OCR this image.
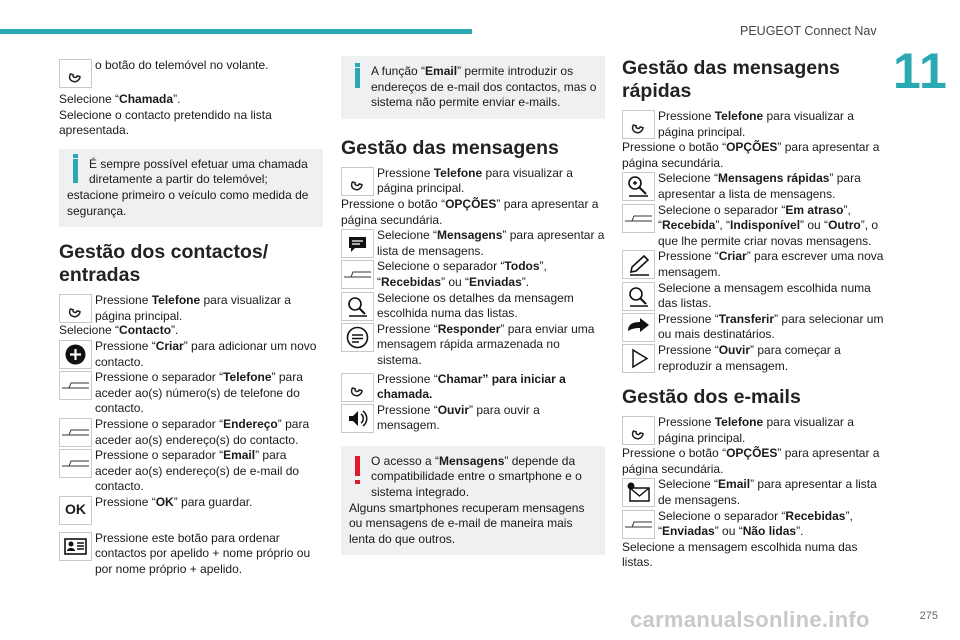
PEUGEOT Connect Nav
11
275
carmanualsonline.info
o botão do telemóvel no volante.
Selecione “Chamada”.
Selecione o contacto pretendido na lista apresentada.
É sempre possível efetuar uma chamada diretamente a partir do telemóvel;
estacione primeiro o veículo como medida de segurança.
Gestão dos contactos/ entradas
Pressione Telefone para visualizar a página principal.
Selecione “Contacto”.
Pressione “Criar” para adicionar um novo contacto.
Pressione o separador “Telefone” para aceder ao(s) número(s) de telefone do contacto.
Pressione o separador “Endereço” para aceder ao(s) endereço(s) do contacto.
Pressione o separador “Email” para aceder ao(s) endereço(s) de e-mail do contacto.
OK Pressione “OK” para guardar.
Pressione este botão para ordenar contactos por apelido + nome próprio ou por nome próprio + apelido.
A função “Email” permite introduzir os endereços de e-mail dos contactos, mas o sistema não permite enviar e-mails.
Gestão das mensagens
Pressione Telefone para visualizar a página principal.
Pressione o botão “OPÇÕES” para apresentar a página secundária.
Selecione “Mensagens” para apresentar a lista de mensagens.
Selecione o separador “Todos”, “Recebidas” ou “Enviadas”.
Selecione os detalhes da mensagem escolhida numa das listas.
Pressione “Responder” para enviar uma mensagem rápida armazenada no sistema.
Pressione “Chamar” para iniciar a chamada.
Pressione “Ouvir” para ouvir a mensagem.
O acesso a “Mensagens” depende da compatibilidade entre o smartphone e o sistema integrado.
Alguns smartphones recuperam mensagens ou mensagens de e-mail de maneira mais lenta do que outros.
Gestão das mensagens rápidas
Pressione Telefone para visualizar a página principal.
Pressione o botão “OPÇÕES” para apresentar a página secundária.
Selecione “Mensagens rápidas” para apresentar a lista de mensagens.
Selecione o separador “Em atraso”, “Recebida”, “Indisponível” ou “Outro”, o que lhe permite criar novas mensagens.
Pressione “Criar” para escrever uma nova mensagem.
Selecione a mensagem escolhida numa das listas.
Pressione “Transferir” para selecionar um ou mais destinatários.
Pressione “Ouvir” para começar a reproduzir a mensagem.
Gestão dos e-mails
Pressione Telefone para visualizar a página principal.
Pressione o botão “OPÇÕES” para apresentar a página secundária.
Selecione “Email” para apresentar a lista de mensagens.
Selecione o separador “Recebidas”, “Enviadas” ou “Não lidas”.
Selecione a mensagem escolhida numa das listas.
